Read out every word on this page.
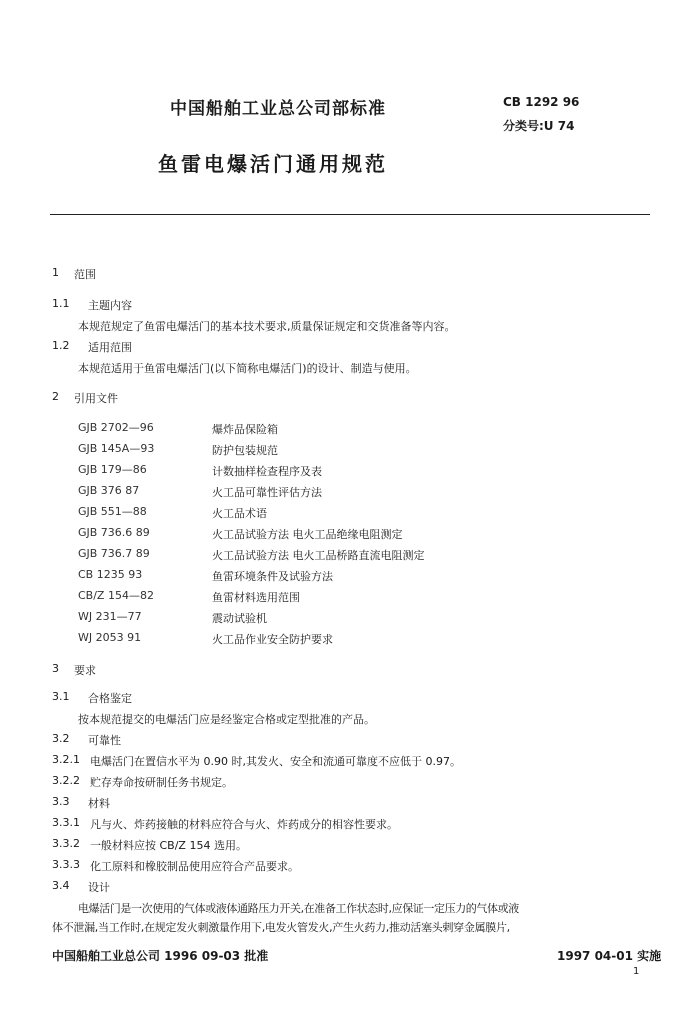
中国船舶工业总公司部标准	CB 1292 96
分类号:U 74
鱼雷电爆活门通用规范
1 范围
1.1 主题内容
本规范规定了鱼雷电爆活门的基本技术要求,质量保证规定和交货准备等内容。
1.2 适用范围
本规范适用于鱼雷电爆活门(以下简称电爆活门)的设计、制造与使用。
2 引用文件
GJB 2702—96	爆炸品保险箱
GJB 145A—93	防护包装规范
GJB 179—86	计数抽样检查程序及表
GJB 376 87	火工品可靠性评估方法
GJB 551—88	火工品术语
GJB 736.6 89	火工品试验方法 电火工品绝缘电阻测定
GJB 736.7 89	火工品试验方法 电火工品桥路直流电阻测定
CB 1235 93	鱼雷环境条件及试验方法
CB/Z 154—82	鱼雷材料选用范围
WJ 231—77	震动试验机
WJ 2053 91	火工品作业安全防护要求
3 要求
3.1 合格鉴定
按本规范提交的电爆活门应是经鉴定合格或定型批准的产品。
3.2 可靠性
3.2.1 电爆活门在置信水平为 0.90 时,其发火、安全和流通可靠度不应低于 0.97。
3.2.2 贮存寿命按研制任务书规定。
3.3 材料
3.3.1 凡与火、炸药接触的材料应符合与火、炸药成分的相容性要求。
3.3.2 一般材料应按 CB/Z 154 选用。
3.3.3 化工原料和橡胶制品使用应符合产品要求。
3.4 设计
电爆活门是一次使用的气体或液体通路压力开关,在准备工作状态时,应保证一定压力的气体或液
体不泄漏,当工作时,在规定发火刺激量作用下,电发火管发火,产生火药力,推动活塞头剌穿金属膜片,
中国船舶工业总公司 1996 09-03 批准	1997 04-01 实施
1
